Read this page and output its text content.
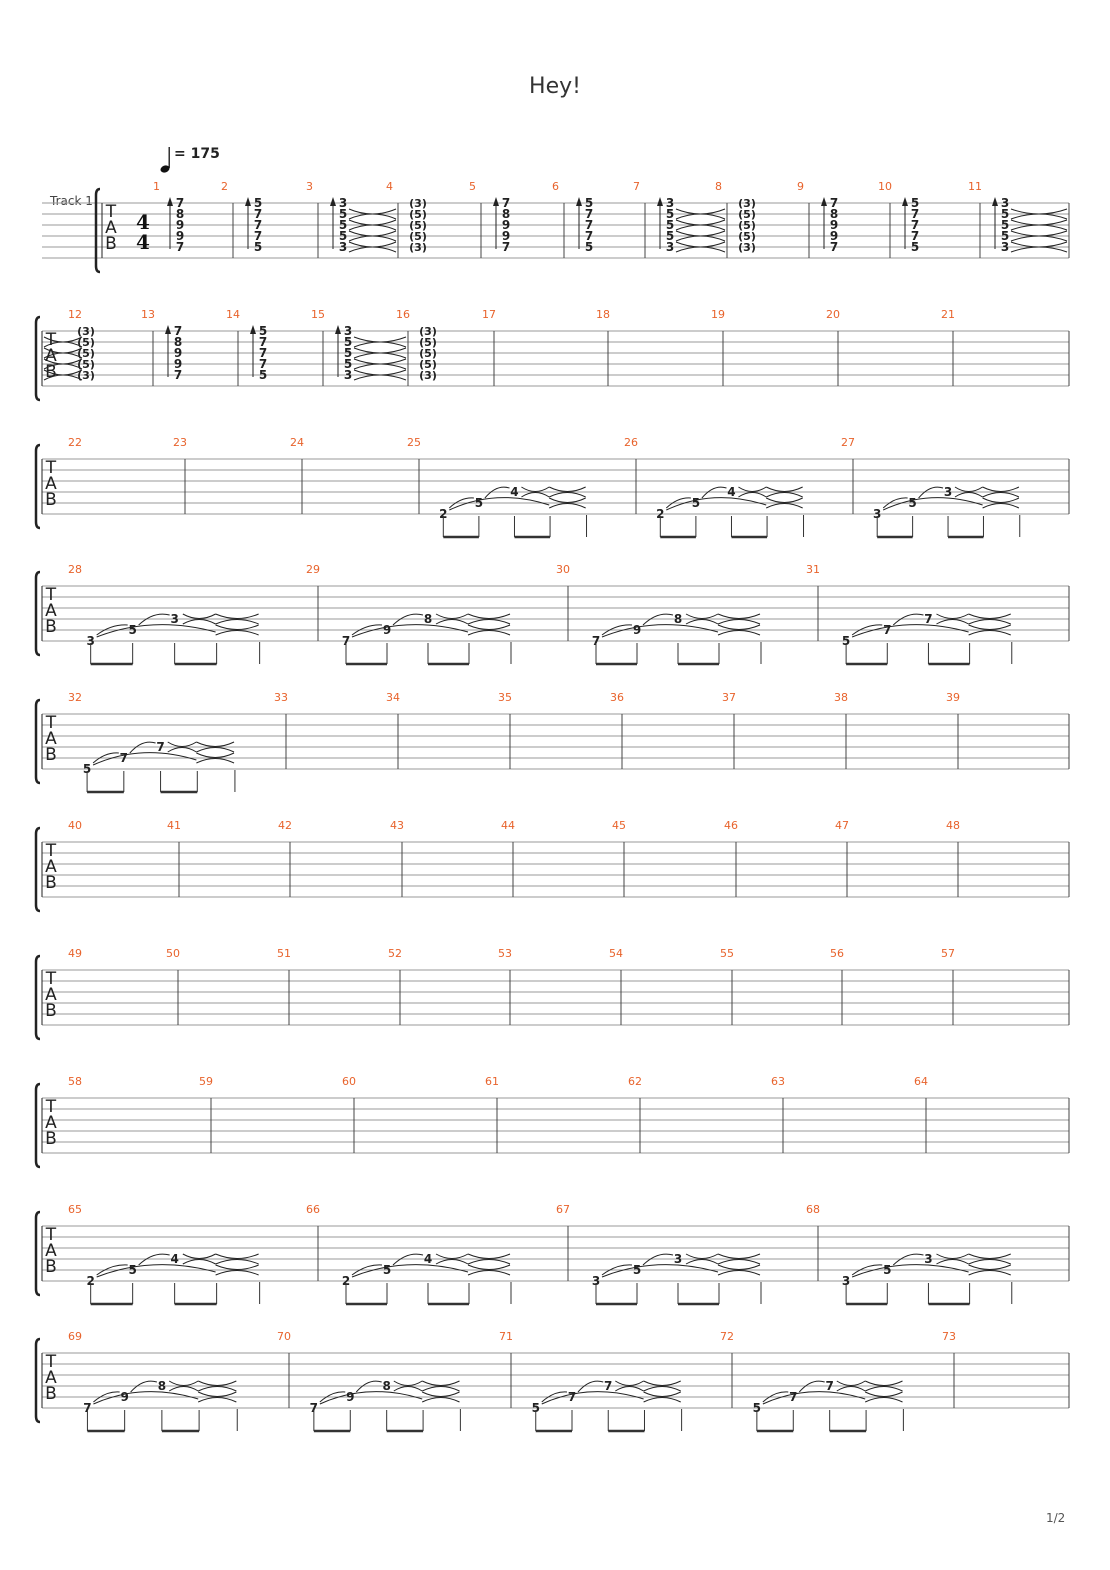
Hey!
= 175
Track 1
T
A
B
4
4
1
7
8
9
9
7
2
5
7
7
7
5
3
3
5
5
5
3
4
(3)
(5)
(5)
(5)
(3)
5
7
8
9
9
7
6
5
7
7
7
5
7
3
5
5
5
3
8
(3)
(5)
(5)
(5)
(3)
9
7
8
9
9
7
10
5
7
7
7
5
11
3
5
5
5
3
T
A
B
12
(3)
(5)
(5)
(5)
(3)
13
7
8
9
9
7
14
5
7
7
7
5
15
3
5
5
5
3
16
(3)
(5)
(5)
(5)
(3)
17	18	19	20	21
T
A
B
22	23	24	25
2
5
4
26
2
5
4
27
3
5
3
T
A
B
28
3
5
3
29
7
9
8
30
7
9
8
31
5
7
7
T
A
B
32
5
7
7
33	34	35	36	37	38	39
T
A
B
40	41	42	43	44	45	46	47	48
T
A
B
49	50	51	52	53	54	55	56	57
T
A
B
58	59	60	61	62	63	64
T
A
B
65
2
5
4
66
2
5
4
67
3
5
3
68
3
5
3
T
A
B
69
7
9
8
70
7
9
8
71
5
7
7
72
5
7
7
73
1/2
